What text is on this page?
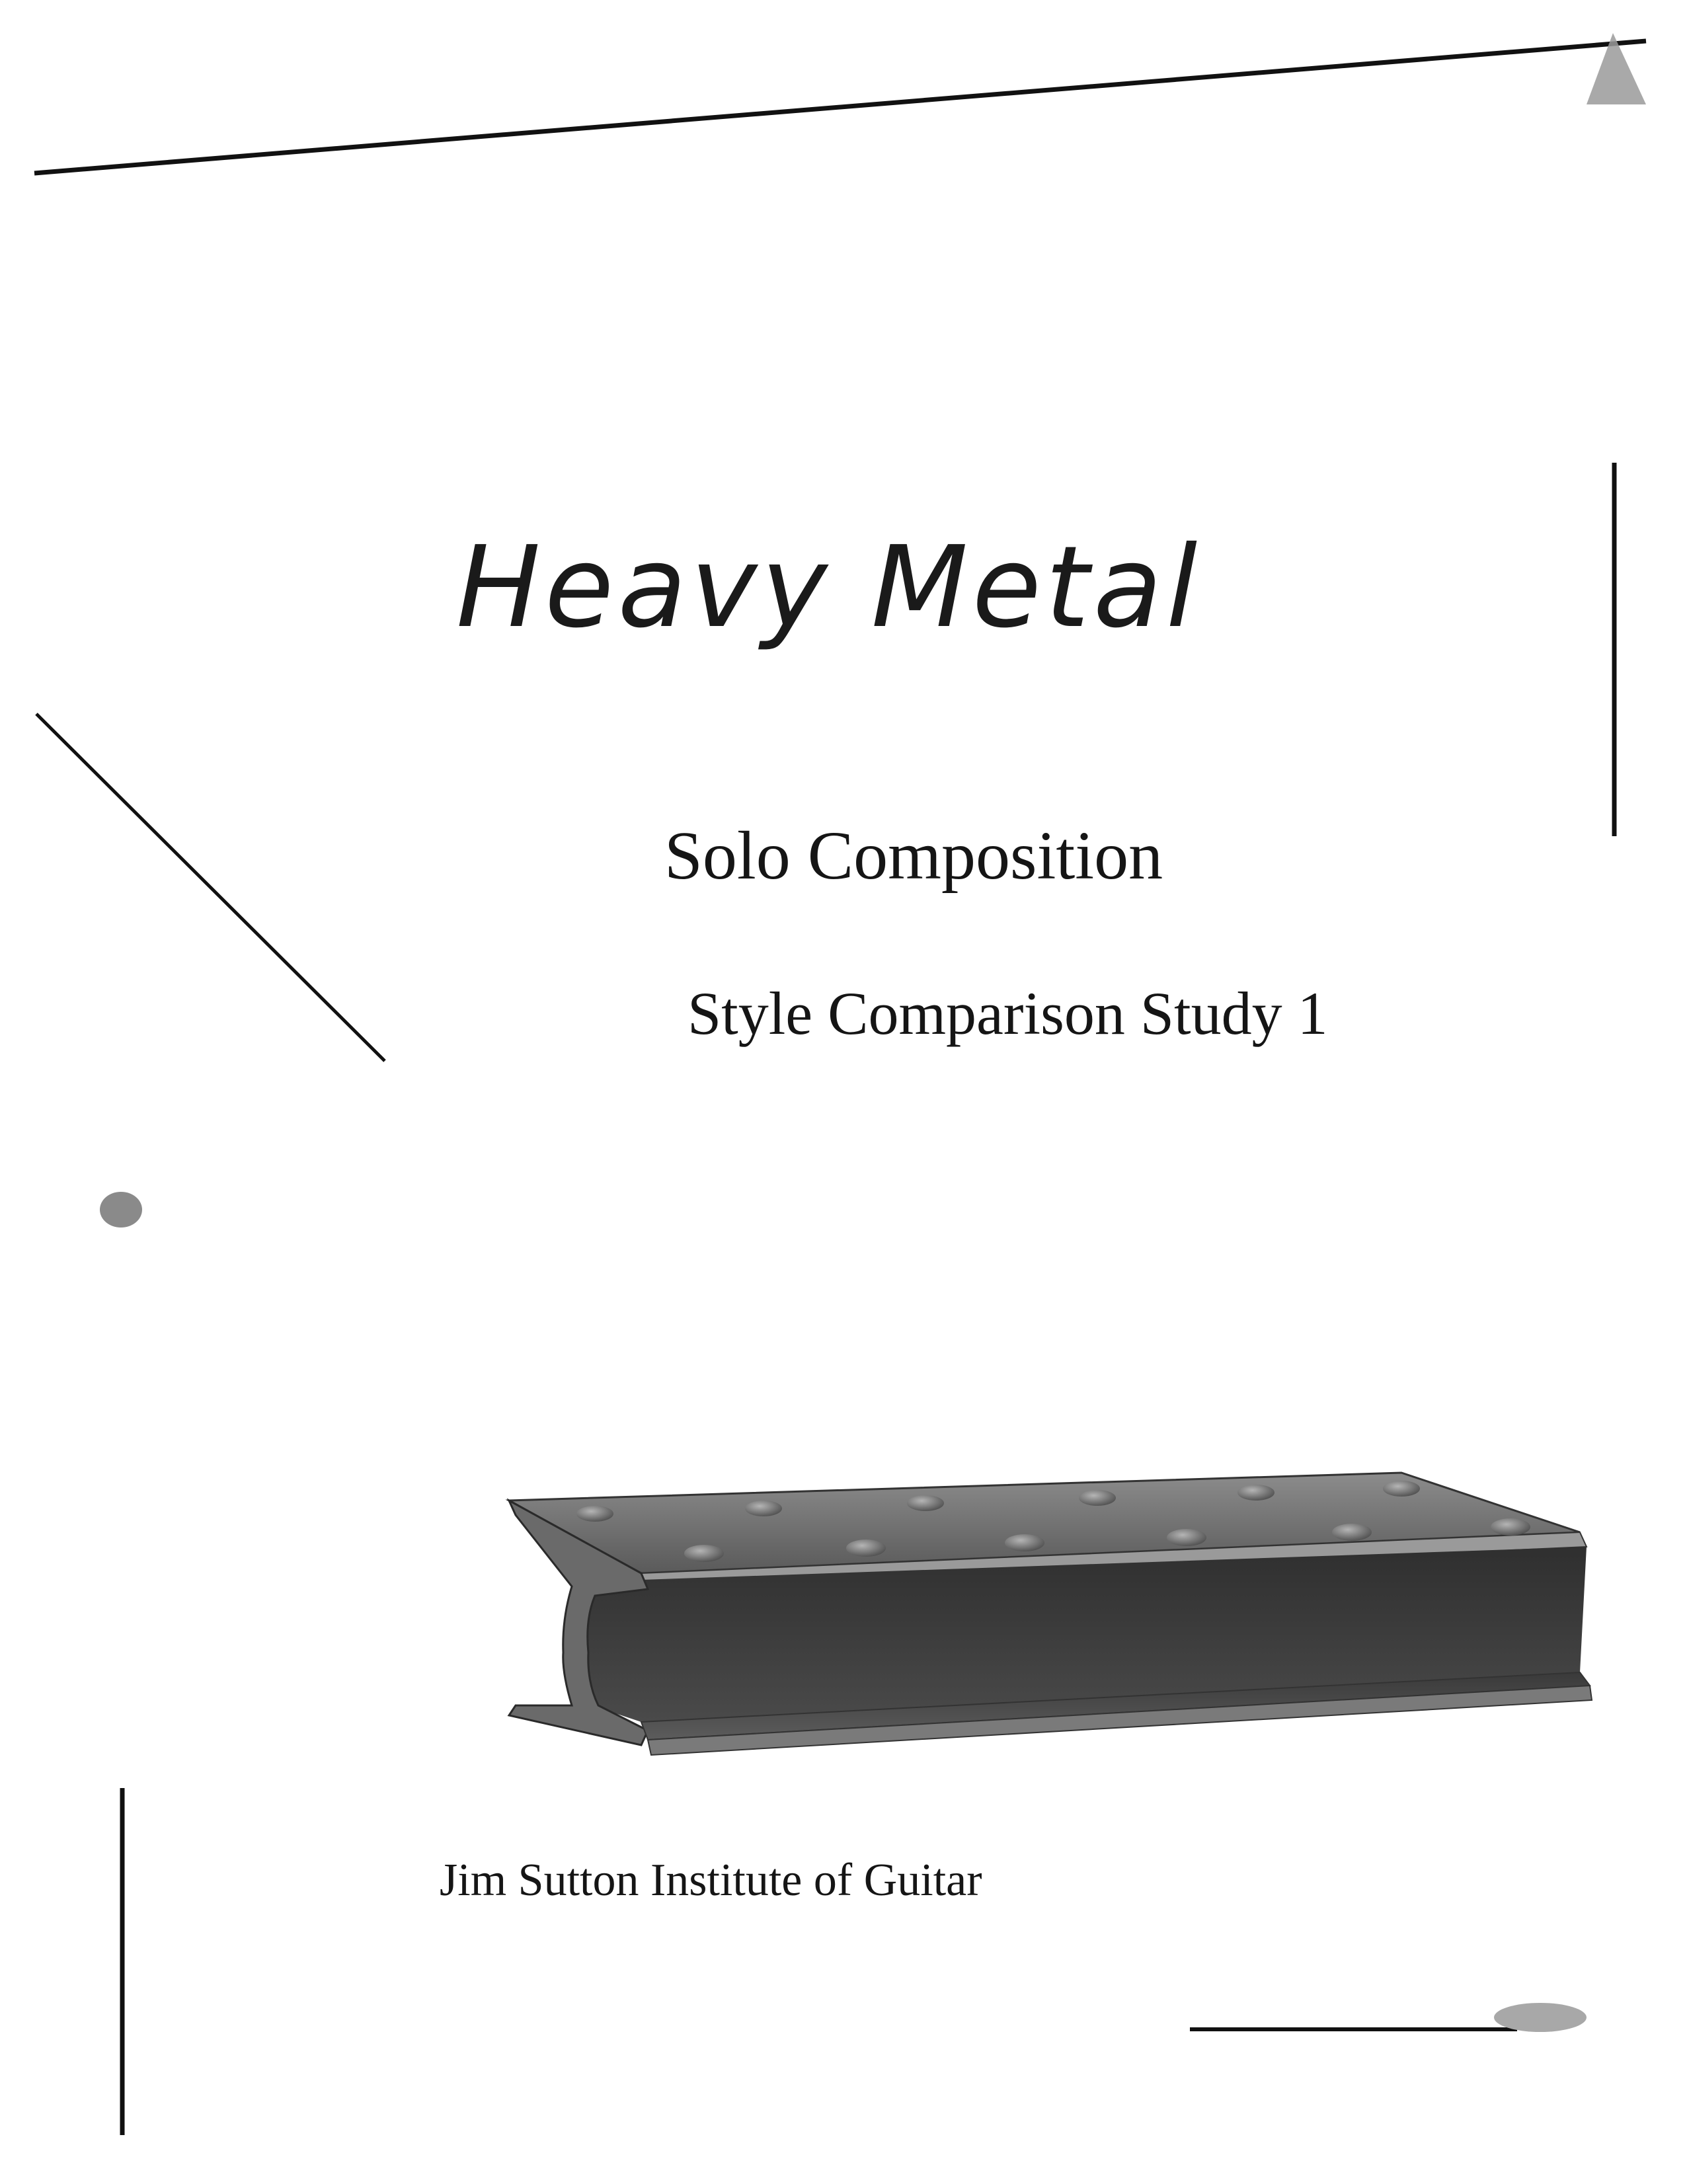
Heavy Metal
Solo Composition
Style Comparison Study 1
Jim Sutton Institute of Guitar
